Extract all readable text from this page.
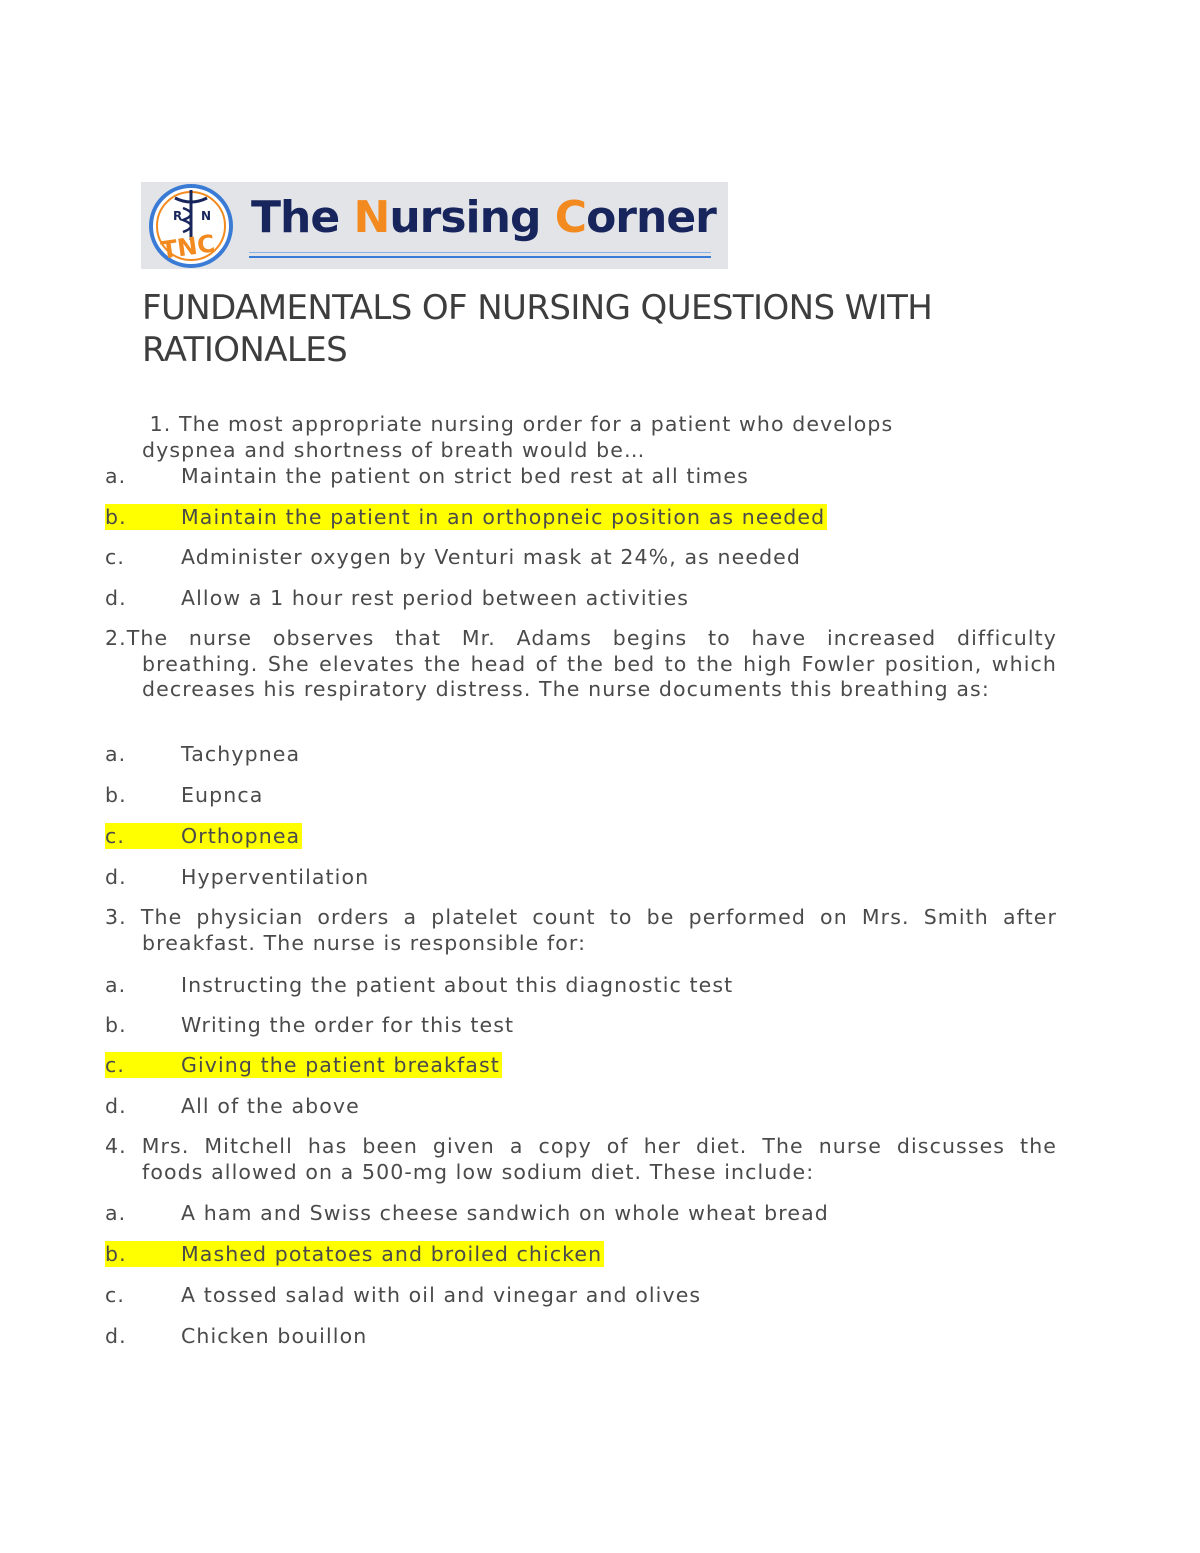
R N
TNC
The Nursing Corner
FUNDAMENTALS OF NURSING QUESTIONS WITH
RATIONALES
1. The most appropriate nursing order for a patient who develops
dyspnea and shortness of breath would be…
a.	Maintain the patient on strict bed rest at all times
b.	Maintain the patient in an orthopneic position as needed
c.	Administer oxygen by Venturi mask at 24%, as needed
d.	Allow a 1 hour rest period between activities
2.The nurse observes that Mr. Adams begins to have increased difficulty
breathing. She elevates the head of the bed to the high Fowler position, which decreases his respiratory distress. The nurse documents this breathing as:
a.	Tachypnea
b.	Eupnca
c.	Orthopnea
d.	Hyperventilation
3. The physician orders a platelet count to be performed on Mrs. Smith after
breakfast. The nurse is responsible for:
a.	Instructing the patient about this diagnostic test
b.	Writing the order for this test
c.	Giving the patient breakfast
d.	All of the above
4. Mrs. Mitchell has been given a copy of her diet. The nurse discusses the
foods allowed on a 500-mg low sodium diet. These include:
a.	A ham and Swiss cheese sandwich on whole wheat bread
b.	Mashed potatoes and broiled chicken
c.	A tossed salad with oil and vinegar and olives
d.	Chicken bouillon
